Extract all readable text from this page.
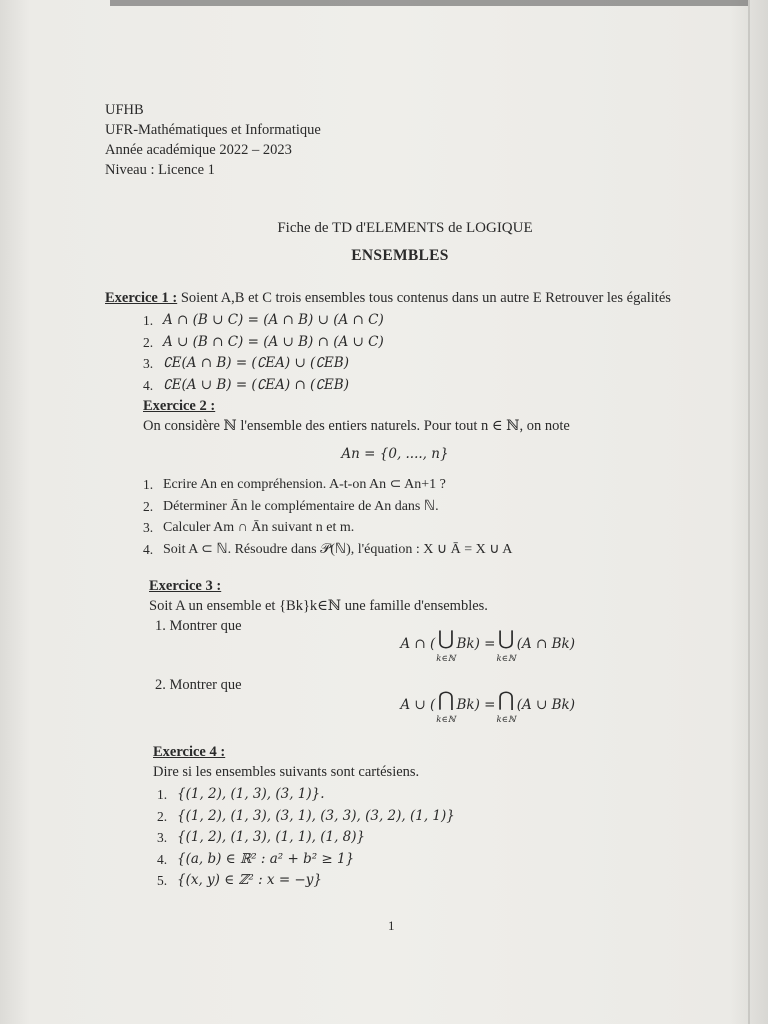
UFHB
UFR-Mathématiques et Informatique
Année académique 2022 – 2023
Niveau : Licence 1
Fiche de TD d'ELEMENTS de LOGIQUE
ENSEMBLES
Exercice 1 : Soient A,B et C trois ensembles tous contenus dans un autre E Retrouver les égalités
1. A ∩ (B ∪ C) = (A ∩ B) ∪ (A ∩ C)
2. A ∪ (B ∩ C) = (A ∪ B) ∩ (A ∪ C)
3. ∁E(A ∩ B) = (∁EA) ∪ (∁EB)
4. ∁E(A ∪ B) = (∁EA) ∩ (∁EB)
Exercice 2 :
On considère ℕ l'ensemble des entiers naturels. Pour tout n ∈ ℕ, on note
An = {0, ...., n}
1. Ecrire An en compréhension. A-t-on An ⊂ An+1 ?
2. Déterminer Ān le complémentaire de An dans ℕ.
3. Calculer Am ∩ Ān suivant n et m.
4. Soit A ⊂ ℕ. Résoudre dans 𝒫(ℕ), l'équation : X ∪ Ā = X ∪ A
Exercice 3 :
Soit A un ensemble et {Bk}k∈ℕ une famille d'ensembles.
1. Montrer que
A ∩ ( ⋃
k∈ℕ
Bk) = ⋃
k∈ℕ
(A ∩ Bk)
2. Montrer que
A ∪ ( ⋂
k∈ℕ
Bk) = ⋂
k∈ℕ
(A ∪ Bk)
Exercice 4 :
Dire si les ensembles suivants sont cartésiens.
1. {(1, 2), (1, 3), (3, 1)}.
2. {(1, 2), (1, 3), (3, 1), (3, 3), (3, 2), (1, 1)}
3. {(1, 2), (1, 3), (1, 1), (1, 8)}
4. {(a, b) ∈ ℝ² : a² + b² ≥ 1}
5. {(x, y) ∈ ℤ² : x = −y}
1
